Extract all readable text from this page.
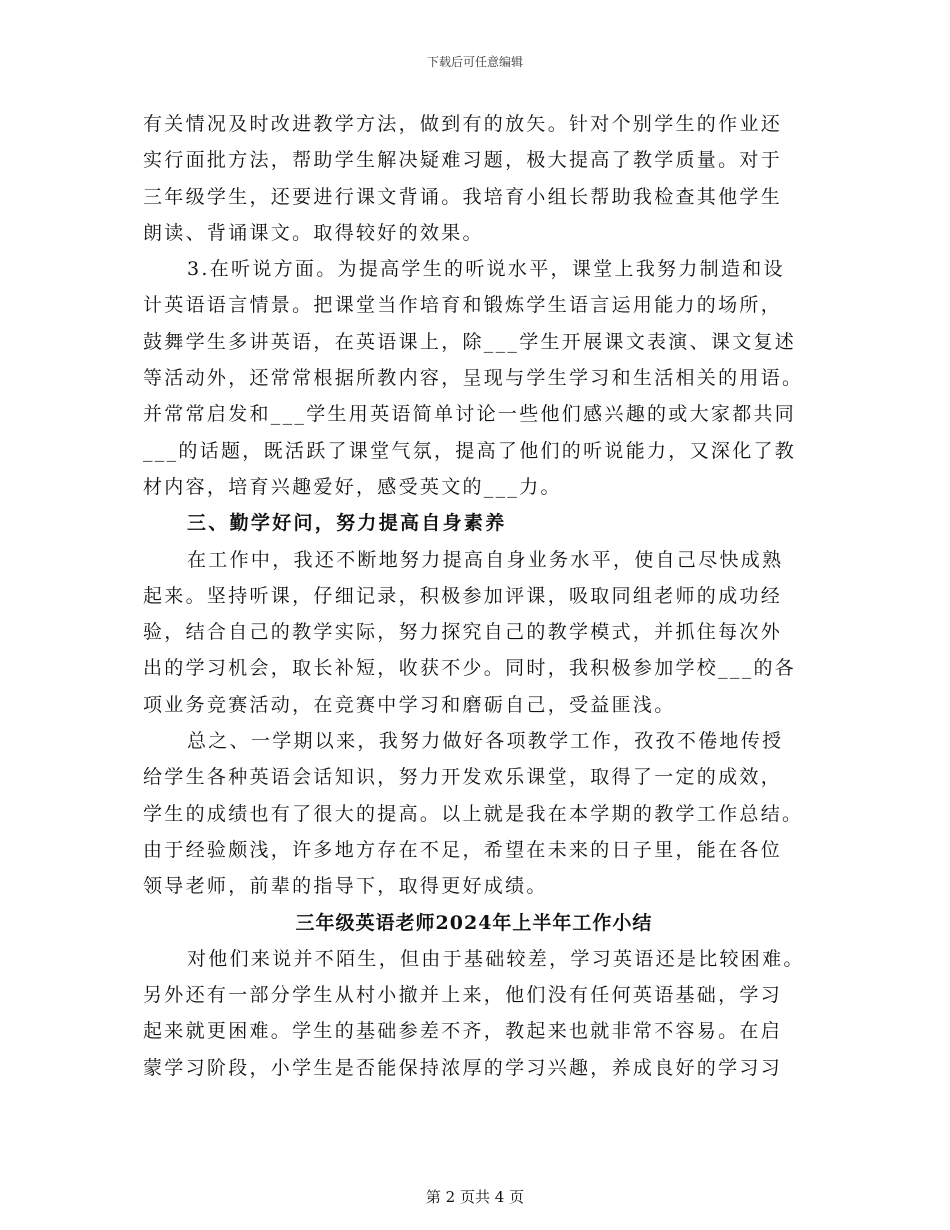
下载后可任意编辑
有关情况及时改进教学方法，做到有的放矢。针对个别学生的作业还
实行面批方法，帮助学生解决疑难习题，极大提高了教学质量。对于
三年级学生，还要进行课文背诵。我培育小组长帮助我检查其他学生
朗读、背诵课文。取得较好的效果。
3.在听说方面。为提高学生的听说水平，课堂上我努力制造和设
计英语语言情景。把课堂当作培育和锻炼学生语言运用能力的场所，
鼓舞学生多讲英语，在英语课上，除___学生开展课文表演、课文复述
等活动外，还常常根据所教内容，呈现与学生学习和生活相关的用语。
并常常启发和___学生用英语简单讨论一些他们感兴趣的或大家都共同
___的话题，既活跃了课堂气氛，提高了他们的听说能力，又深化了教
材内容，培育兴趣爱好，感受英文的___力。
三、勤学好问，努力提高自身素养
在工作中，我还不断地努力提高自身业务水平，使自己尽快成熟
起来。坚持听课，仔细记录，积极参加评课，吸取同组老师的成功经
验，结合自己的教学实际，努力探究自己的教学模式，并抓住每次外
出的学习机会，取长补短，收获不少。同时，我积极参加学校___的各
项业务竞赛活动，在竞赛中学习和磨砺自己，受益匪浅。
总之、一学期以来，我努力做好各项教学工作，孜孜不倦地传授
给学生各种英语会话知识，努力开发欢乐课堂，取得了一定的成效，
学生的成绩也有了很大的提高。以上就是我在本学期的教学工作总结。
由于经验颇浅，许多地方存在不足，希望在未来的日子里，能在各位
领导老师，前辈的指导下，取得更好成绩。
三年级英语老师2024年上半年工作小结
对他们来说并不陌生，但由于基础较差，学习英语还是比较困难。
另外还有一部分学生从村小撤并上来，他们没有任何英语基础，学习
起来就更困难。学生的基础参差不齐，教起来也就非常不容易。在启
蒙学习阶段，小学生是否能保持浓厚的学习兴趣，养成良好的学习习
第 2 页共 4 页
